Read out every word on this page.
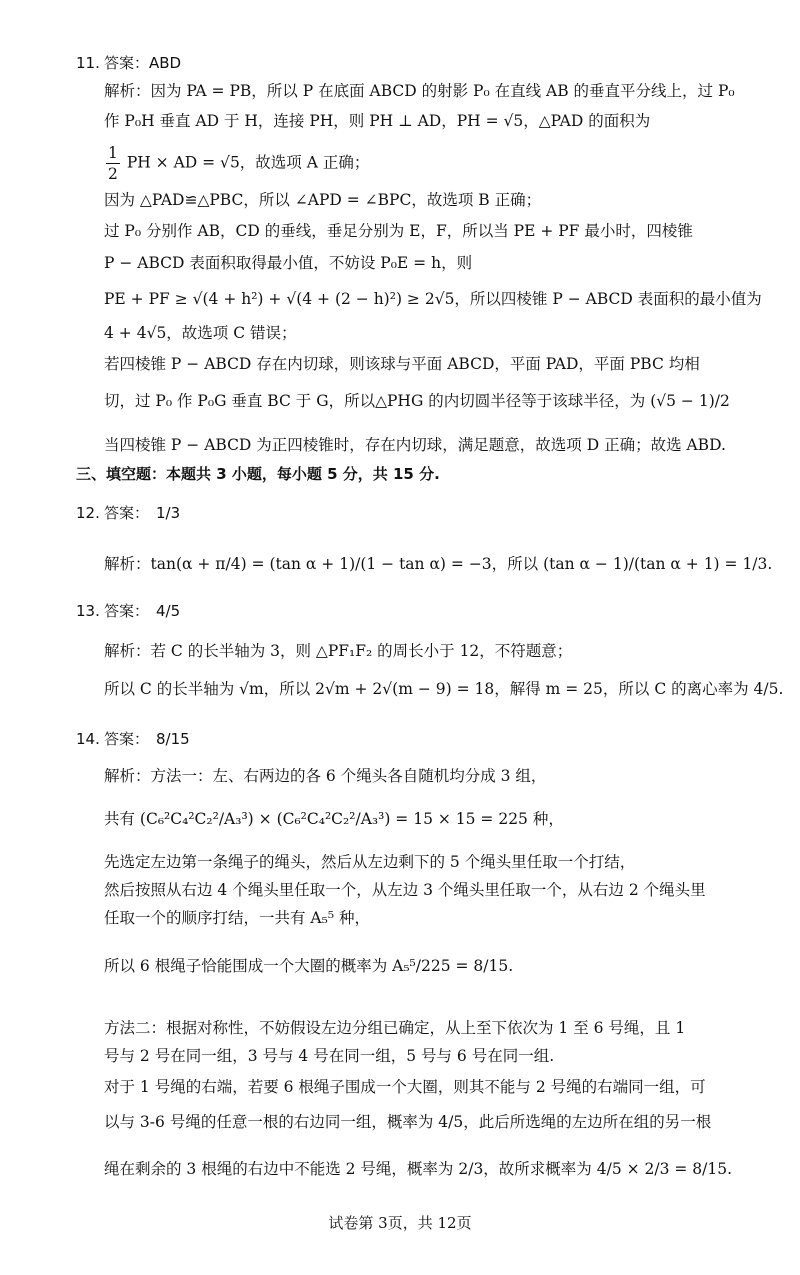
11. 答案：ABD
解析：因为 PA = PB，所以 P 在底面 ABCD 的射影 P₀ 在直线 AB 的垂直平分线上，过 P₀
作 P₀H 垂直 AD 于 H，连接 PH，则 PH ⊥ AD，PH = √5，△PAD 的面积为
$\frac{1}{2}$ PH × AD = √5，故选项 A 正确；
因为 △PAD≌△PBC，所以 ∠APD = ∠BPC，故选项 B 正确；
过 P₀ 分别作 AB，CD 的垂线，垂足分别为 E，F，所以当 PE + PF 最小时，四棱锥
P − ABCD 表面积取得最小值，不妨设 P₀E = h，则
PE + PF ≥ √(4 + h²) + √(4 + (2 − h)²) ≥ 2√5，所以四棱锥 P − ABCD 表面积的最小值为
4 + 4√5，故选项 C 错误；
若四棱锥 P − ABCD 存在内切球，则该球与平面 ABCD，平面 PAD，平面 PBC 均相
切，过 P₀ 作 P₀G 垂直 BC 于 G，所以△PHG 的内切圆半径等于该球半径，为 (√5 − 1)/2
当四棱锥 P − ABCD 为正四棱锥时，存在内切球，满足题意，故选项 D 正确；故选 ABD.
三、填空题：本题共 3 小题，每小题 5 分，共 15 分.
12. 答案： 1/3
解析：tan(α + π/4) = (tan α + 1)/(1 − tan α) = −3，所以 (tan α − 1)/(tan α + 1) = 1/3.
13. 答案： 4/5
解析：若 C 的长半轴为 3，则 △PF₁F₂ 的周长小于 12，不符题意；
所以 C 的长半轴为 √m，所以 2√m + 2√(m − 9) = 18，解得 m = 25，所以 C 的离心率为 4/5.
14. 答案： 8/15
解析：方法一：左、右两边的各 6 个绳头各自随机均分成 3 组，
共有 (C₆²C₄²C₂²/A₃³) × (C₆²C₄²C₂²/A₃³) = 15 × 15 = 225 种，
先选定左边第一条绳子的绳头，然后从左边剩下的 5 个绳头里任取一个打结，
然后按照从右边 4 个绳头里任取一个，从左边 3 个绳头里任取一个，从右边 2 个绳头里
任取一个的顺序打结，一共有 A₅⁵ 种，
所以 6 根绳子恰能围成一个大圈的概率为 A₅⁵/225 = 8/15.
方法二：根据对称性，不妨假设左边分组已确定，从上至下依次为 1 至 6 号绳，且 1
号与 2 号在同一组，3 号与 4 号在同一组，5 号与 6 号在同一组.
对于 1 号绳的右端，若要 6 根绳子围成一个大圈，则其不能与 2 号绳的右端同一组，可
以与 3-6 号绳的任意一根的右边同一组，概率为 4/5，此后所选绳的左边所在组的另一根
绳在剩余的 3 根绳的右边中不能选 2 号绳，概率为 2/3，故所求概率为 4/5 × 2/3 = 8/15.
试卷第 3页，共 12页
